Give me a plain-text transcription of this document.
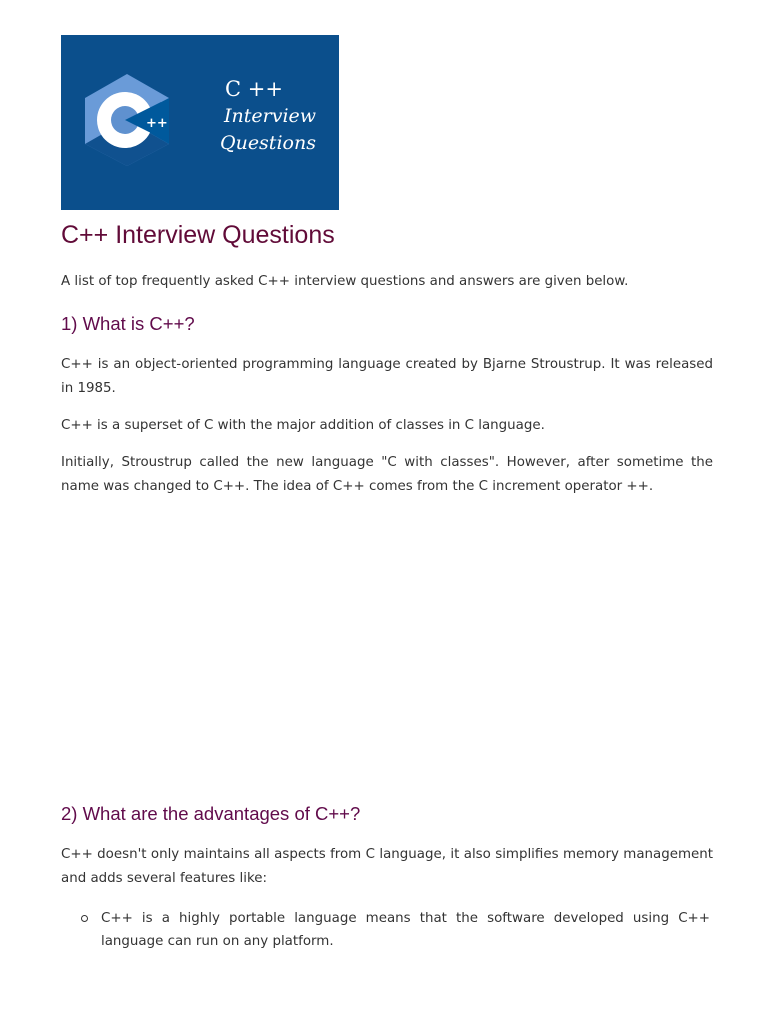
++
C ++
Interview
Questions
C++ Interview Questions

A list of top frequently asked C++ interview questions and answers are given below.

1) What is C++?

C++ is an object-oriented programming language created by Bjarne Stroustrup. It was released in 1985.

C++ is a superset of C with the major addition of classes in C language.

Initially, Stroustrup called the new language "C with classes". However, after sometime the name was changed to C++. The idea of C++ comes from the C increment operator ++.

2) What are the advantages of C++?

C++ doesn't only maintains all aspects from C language, it also simplifies memory management and adds several features like:

C++ is a highly portable language means that the software developed using C++ language can run on any platform.
